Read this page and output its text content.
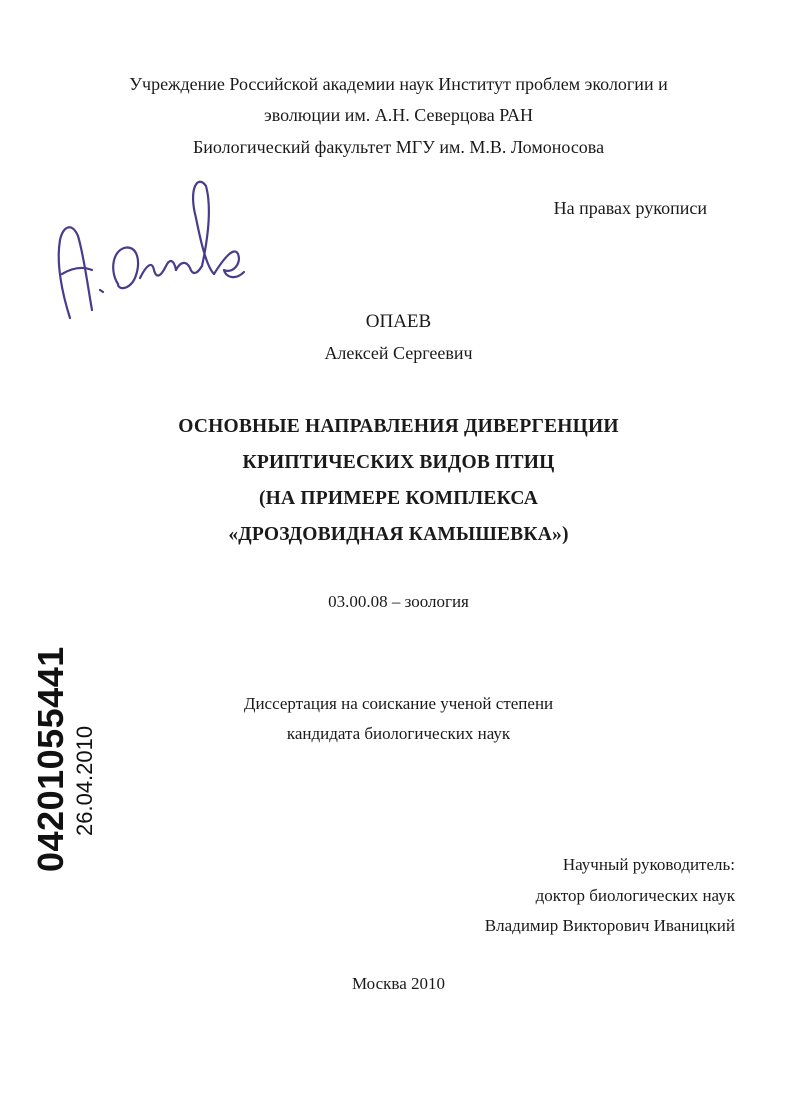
Учреждение Российской академии наук Институт проблем экологии и
эволюции им. А.Н. Северцова РАН
Биологический факультет МГУ им. М.В. Ломоносова
На правах рукописи
ОПАЕВ
Алексей Сергеевич
ОСНОВНЫЕ НАПРАВЛЕНИЯ ДИВЕРГЕНЦИИ
КРИПТИЧЕСКИХ ВИДОВ ПТИЦ
(НА ПРИМЕРЕ КОМПЛЕКСА
«ДРОЗДОВИДНАЯ КАМЫШЕВКА»)
03.00.08 – зоология
Диссертация на соискание ученой степени
кандидата биологических наук
Научный руководитель:
доктор биологических наук
Владимир Викторович Иваницкий
Москва 2010
04201055441 26.04.2010
